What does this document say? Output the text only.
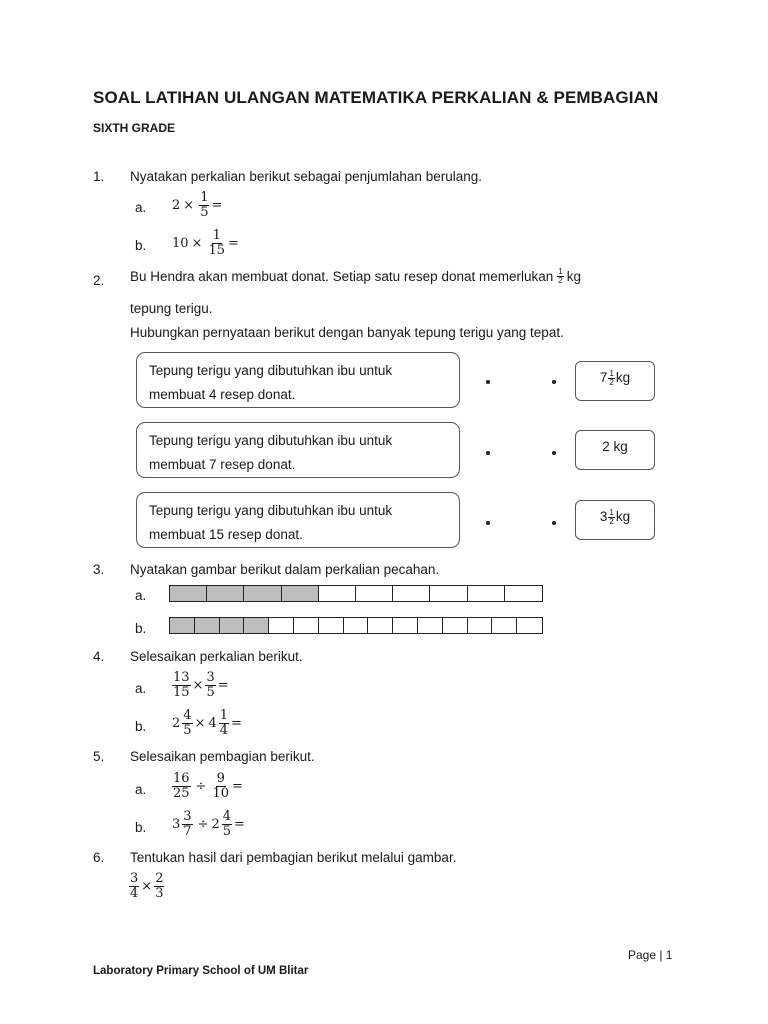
SOAL LATIHAN ULANGAN MATEMATIKA PERKALIAN & PEMBAGIAN
SIXTH GRADE
1. Nyatakan perkalian berikut sebagai penjumlahan berulang.
a. $2 \times \frac{1}{5}$ =
b. $10 \times \frac{1}{15}$ =
2. Bu Hendra akan membuat donat. Setiap satu resep donat memerlukan $\frac{1}{2}$ kg
tepung terigu.
Hubungkan pernyataan berikut dengan banyak tepung terigu yang tepat.
Tepung terigu yang dibutuhkan ibu untuk
membuat 4 resep donat.
Tepung terigu yang dibutuhkan ibu untuk
membuat 7 resep donat.
Tepung terigu yang dibutuhkan ibu untuk
membuat 15 resep donat.
$7 \frac{1}{2}$ kg
2 kg
$3 \frac{1}{2}$ kg
3. Nyatakan gambar berikut dalam perkalian pecahan.
a.
b.
4. Selesaikan perkalian berikut.
a. $\frac{13}{15} \times \frac{3}{5}$ =
b. $2 \frac{4}{5} \times 4 \frac{1}{4}$ =
5. Selesaikan pembagian berikut.
a. $\frac{16}{25} \div \frac{9}{10}$ =
b. $3 \frac{3}{7} \div 2 \frac{4}{5}$ =
6. Tentukan hasil dari pembagian berikut melalui gambar.
$\frac{3}{4} \times \frac{2}{3}$
Page | 1
Laboratory Primary School of UM Blitar
